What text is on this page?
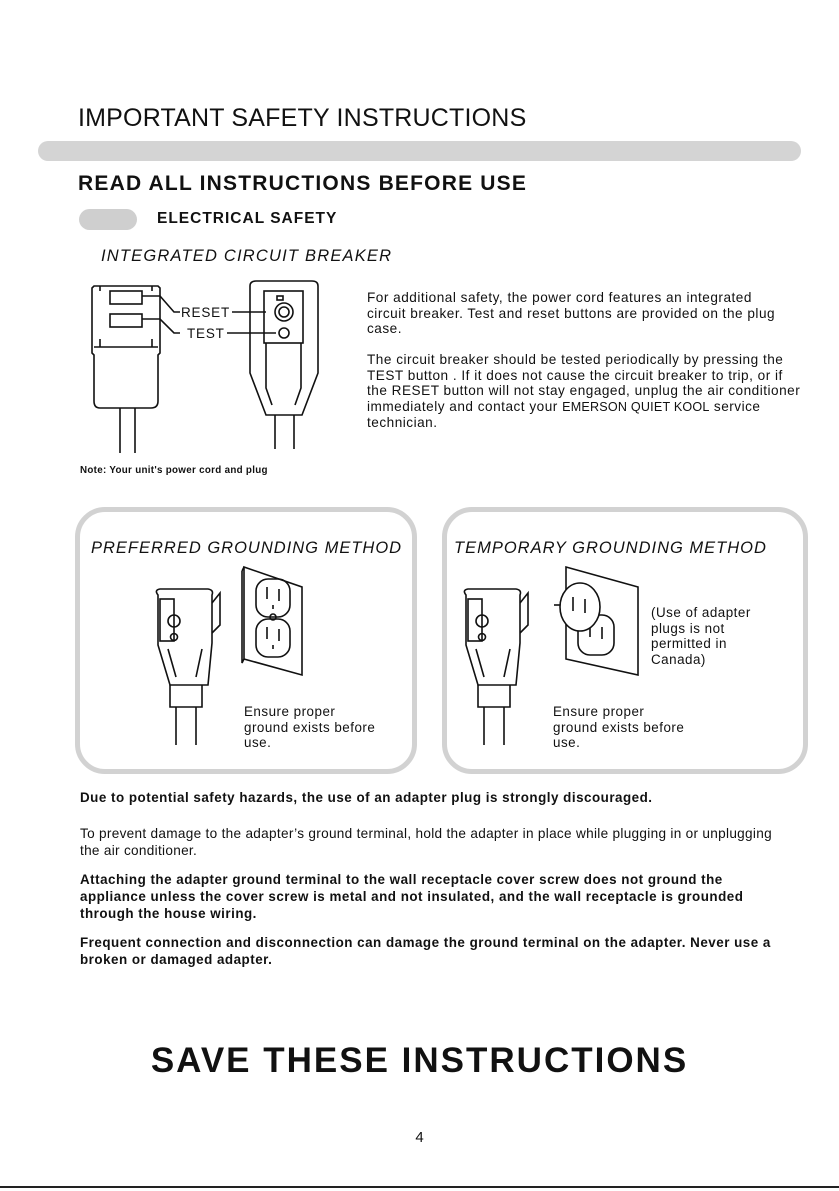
IMPORTANT SAFETY INSTRUCTIONS
READ ALL INSTRUCTIONS BEFORE USE
ELECTRICAL SAFETY
INTEGRATED CIRCUIT BREAKER
RESET
TEST
For additional safety, the power cord features an integrated circuit breaker. Test and reset buttons are provided on the plug case.
The circuit breaker should be tested periodically by pressing the TEST button . If it does not cause the circuit breaker to trip, or if the RESET button will not stay engaged, unplug the air conditioner immediately and contact your EMERSON QUIET KOOL service technician.
Note: Your unit's power cord and plug
PREFERRED GROUNDING METHOD
Ensure proper ground exists before use.
TEMPORARY GROUNDING METHOD
(Use of adapter plugs is not permitted in Canada)
Ensure proper ground exists before use.
Due to potential safety hazards, the use of an adapter plug is strongly discouraged.
To prevent damage to the adapter’s ground terminal, hold the adapter in place while plugging in or unplugging the air conditioner.
Attaching the adapter ground terminal to the wall receptacle cover screw does not ground the appliance unless the cover screw is metal and not insulated, and the wall receptacle is grounded through the house wiring.
Frequent connection and disconnection can damage the ground terminal on the adapter. Never use a broken or damaged adapter.
SAVE THESE INSTRUCTIONS
4
